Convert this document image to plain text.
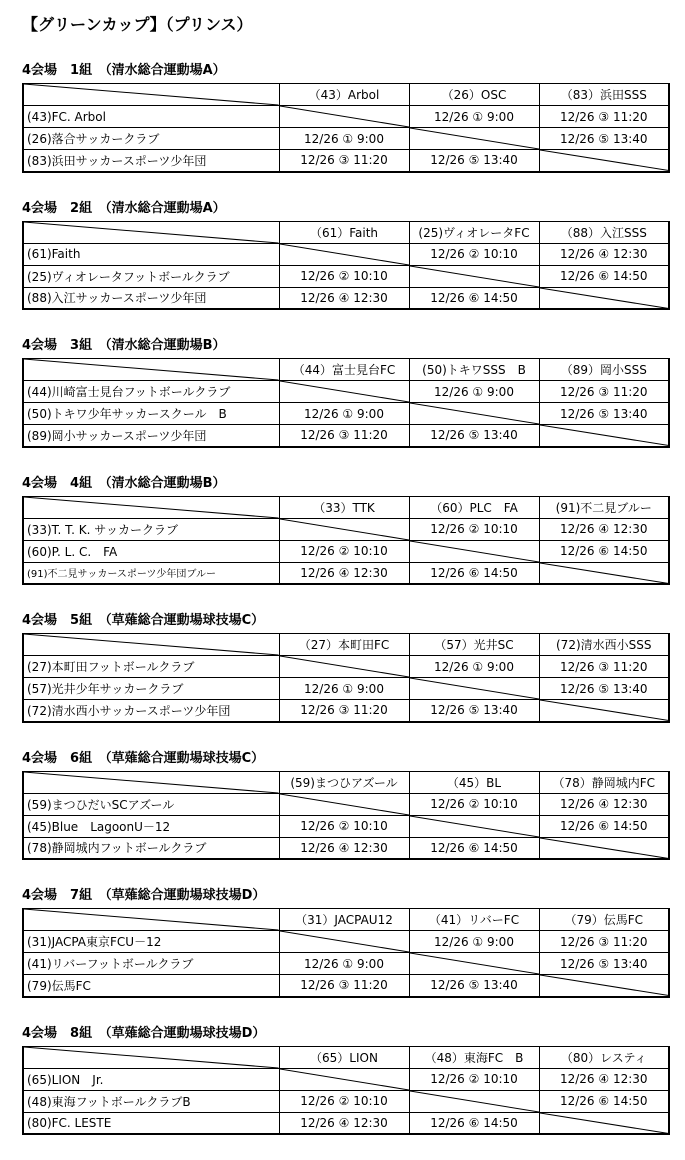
【グリーンカップ】（プリンス）
4会場　1組　（清水総合運動場A）
	（43）Arbol	（26）OSC	（83）浜田SSS
(43)FC. Arbol		12/26 ① 9:00	12/26 ③ 11:20
(26)落合サッカークラブ	12/26 ① 9:00		12/26 ⑤ 13:40
(83)浜田サッカースポーツ少年団	12/26 ③ 11:20	12/26 ⑤ 13:40	
4会場　2組　（清水総合運動場A）
	（61）Faith	(25)ヴィオレータFC	（88）入江SSS
(61)Faith		12/26 ② 10:10	12/26 ④ 12:30
(25)ヴィオレータフットボールクラブ	12/26 ② 10:10		12/26 ⑥ 14:50
(88)入江サッカースポーツ少年団	12/26 ④ 12:30	12/26 ⑥ 14:50	
4会場　3組　（清水総合運動場B）
	（44）富士見台FC	(50)トキワSSS　B	（89）岡小SSS
(44)川崎富士見台フットボールクラブ		12/26 ① 9:00	12/26 ③ 11:20
(50)トキワ少年サッカースクール　B	12/26 ① 9:00		12/26 ⑤ 13:40
(89)岡小サッカースポーツ少年団	12/26 ③ 11:20	12/26 ⑤ 13:40	
4会場　4組　（清水総合運動場B）
	（33）TTK	（60）PLC　FA	(91)不二見ブルー
(33)T. T. K. サッカークラブ		12/26 ② 10:10	12/26 ④ 12:30
(60)P. L. C.　FA	12/26 ② 10:10		12/26 ⑥ 14:50
(91)不二見サッカースポーツ少年団ブルー	12/26 ④ 12:30	12/26 ⑥ 14:50	
4会場　5組　（草薙総合運動場球技場C）
	（27）本町田FC	（57）光井SC	(72)清水西小SSS
(27)本町田フットボールクラブ		12/26 ① 9:00	12/26 ③ 11:20
(57)光井少年サッカークラブ	12/26 ① 9:00		12/26 ⑤ 13:40
(72)清水西小サッカースポーツ少年団	12/26 ③ 11:20	12/26 ⑤ 13:40	
4会場　6組　（草薙総合運動場球技場C）
	(59)まつひアズール	（45）BL	（78）静岡城内FC
(59)まつひだいSCアズール		12/26 ② 10:10	12/26 ④ 12:30
(45)Blue　LagoonU－12	12/26 ② 10:10		12/26 ⑥ 14:50
(78)静岡城内フットボールクラブ	12/26 ④ 12:30	12/26 ⑥ 14:50	
4会場　7組　（草薙総合運動場球技場D）
	（31）JACPAU12	（41）リバーFC	（79）伝馬FC
(31)JACPA東京FCU－12		12/26 ① 9:00	12/26 ③ 11:20
(41)リバーフットボールクラブ	12/26 ① 9:00		12/26 ⑤ 13:40
(79)伝馬FC	12/26 ③ 11:20	12/26 ⑤ 13:40	
4会場　8組　（草薙総合運動場球技場D）
	（65）LION	（48）東海FC　B	（80）レスティ
(65)LION　Jr.		12/26 ② 10:10	12/26 ④ 12:30
(48)東海フットボールクラブB	12/26 ② 10:10		12/26 ⑥ 14:50
(80)FC. LESTE	12/26 ④ 12:30	12/26 ⑥ 14:50	
